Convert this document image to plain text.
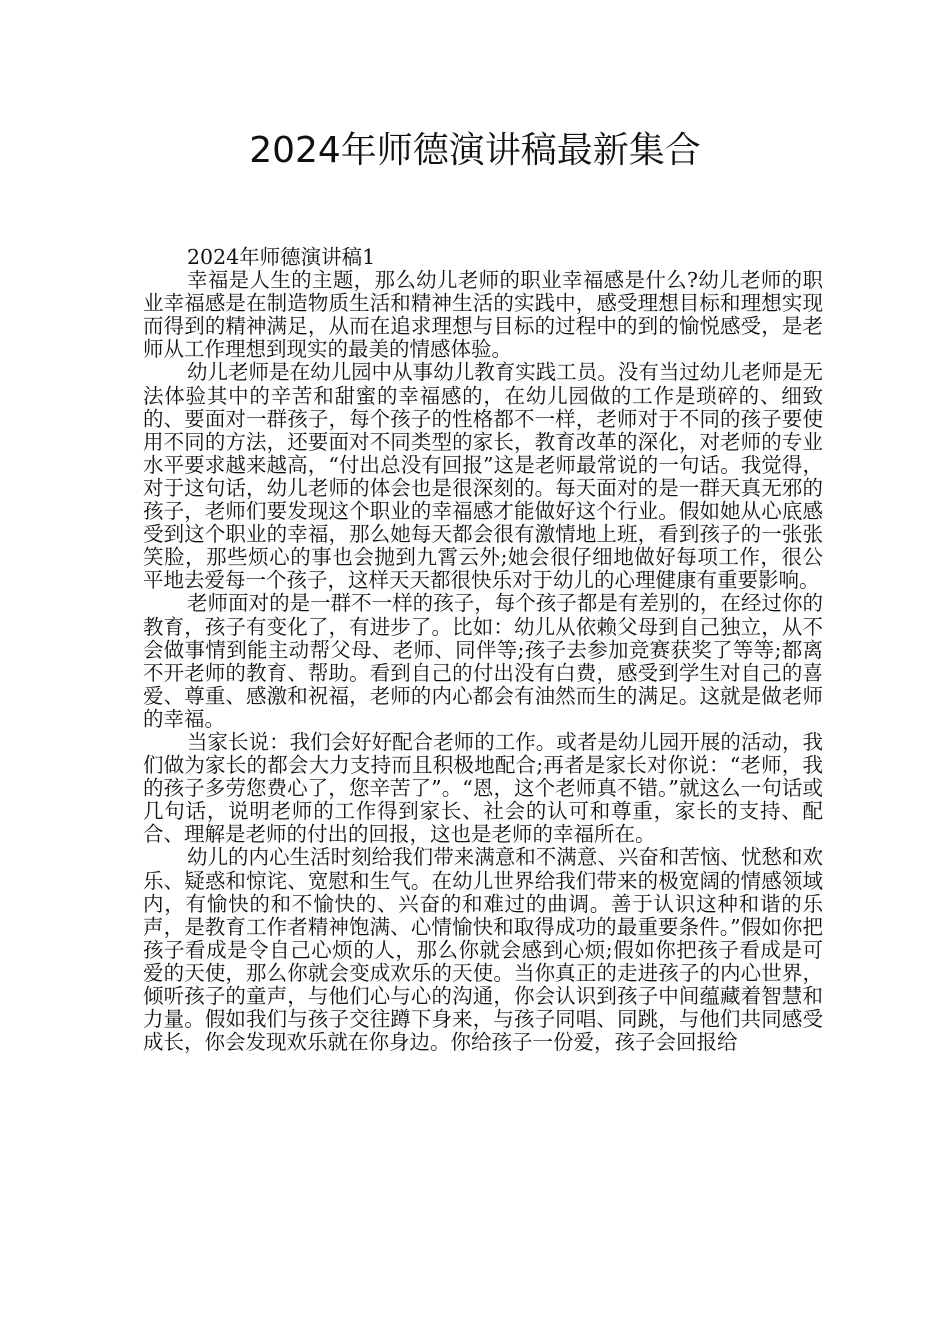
2024年师德演讲稿最新集合

2024年师德演讲稿1

幸福是人生的主题，那么幼儿老师的职业幸福感是什么?幼儿老师的职业幸福感是在制造物质生活和精神生活的实践中，感受理想目标和理想实现而得到的精神满足，从而在追求理想与目标的过程中的到的愉悦感受，是老师从工作理想到现实的最美的情感体验。

幼儿老师是在幼儿园中从事幼儿教育实践工员。没有当过幼儿老师是无法体验其中的辛苦和甜蜜的幸福感的，在幼儿园做的工作是琐碎的、细致的、要面对一群孩子，每个孩子的性格都不一样，老师对于不同的孩子要使用不同的方法，还要面对不同类型的家长，教育改革的深化，对老师的专业水平要求越来越高，“付出总没有回报”这是老师最常说的一句话。我觉得，对于这句话，幼儿老师的体会也是很深刻的。每天面对的是一群天真无邪的孩子，老师们要发现这个职业的幸福感才能做好这个行业。假如她从心底感受到这个职业的幸福，那么她每天都会很有激情地上班，看到孩子的一张张笑脸，那些烦心的事也会抛到九霄云外;她会很仔细地做好每项工作，很公平地去爱每一个孩子，这样天天都很快乐对于幼儿的心理健康有重要影响。

老师面对的是一群不一样的孩子，每个孩子都是有差别的，在经过你的教育，孩子有变化了，有进步了。比如：幼儿从依赖父母到自己独立，从不会做事情到能主动帮父母、老师、同伴等;孩子去参加竞赛获奖了等等;都离不开老师的教育、帮助。看到自己的付出没有白费，感受到学生对自己的喜爱、尊重、感激和祝福，老师的内心都会有油然而生的满足。这就是做老师的幸福。

当家长说：我们会好好配合老师的工作。或者是幼儿园开展的活动，我们做为家长的都会大力支持而且积极地配合;再者是家长对你说：“老师，我的孩子多劳您费心了，您辛苦了”。“恩，这个老师真不错。”就这么一句话或几句话，说明老师的工作得到家长、社会的认可和尊重，家长的支持、配合、理解是老师的付出的回报，这也是老师的幸福所在。

幼儿的内心生活时刻给我们带来满意和不满意、兴奋和苦恼、忧愁和欢乐、疑惑和惊诧、宽慰和生气。在幼儿世界给我们带来的极宽阔的情感领域内，有愉快的和不愉快的、兴奋的和难过的曲调。善于认识这种和谐的乐声，是教育工作者精神饱满、心情愉快和取得成功的最重要条件。”假如你把孩子看成是令自己心烦的人，那么你就会感到心烦;假如你把孩子看成是可爱的天使，那么你就会变成欢乐的天使。当你真正的走进孩子的内心世界，倾听孩子的童声，与他们心与心的沟通，你会认识到孩子中间蕴藏着智慧和力量。假如我们与孩子交往蹲下身来，与孩子同唱、同跳，与他们共同感受成长，你会发现欢乐就在你身边。你给孩子一份爱，孩子会回报给
